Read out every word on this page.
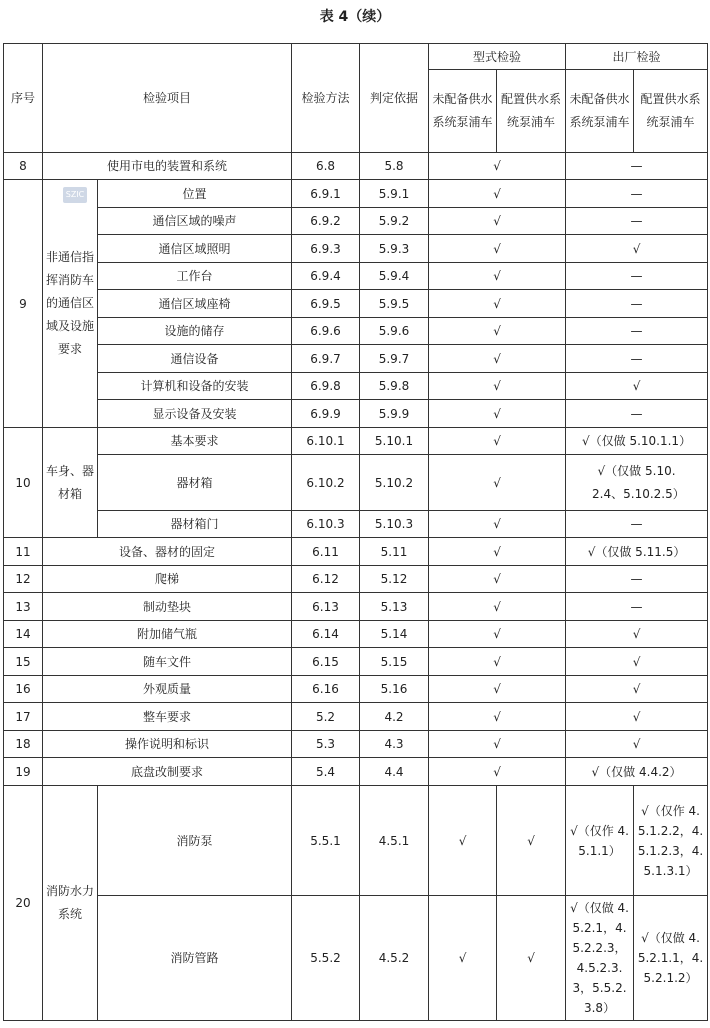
表 4（续）
序号	检验项目		检验方法	判定依据	型式检验		出厂检验	
					未配备供水系统泵浦车	配置供水系统泵浦车	未配备供水系统泵浦车	配置供水系统泵浦车
8	使用市电的装置和系统		6.8	5.8	√		—	
9	非通信指挥消防车的通信区域及设施要求	位置	6.9.1	5.9.1	√		—	
		通信区域的噪声	6.9.2	5.9.2	√		—	
		通信区域照明	6.9.3	5.9.3	√		√	
		工作台	6.9.4	5.9.4	√		—	
		通信区域座椅	6.9.5	5.9.5	√		—	
		设施的储存	6.9.6	5.9.6	√		—	
		通信设备	6.9.7	5.9.7	√		—	
		计算机和设备的安装	6.9.8	5.9.8	√		√	
		显示设备及安装	6.9.9	5.9.9	√		—	
10	车身、器材箱	基本要求	6.10.1	5.10.1	√		√（仅做 5.10.1.1）	
		器材箱	6.10.2	5.10.2	√		√（仅做 5.10.2.4、5.10.2.5）	
		器材箱门	6.10.3	5.10.3	√		—	
11	设备、器材的固定		6.11	5.11	√		√（仅做 5.11.5）	
12	爬梯		6.12	5.12	√		—	
13	制动垫块		6.13	5.13	√		—	
14	附加储气瓶		6.14	5.14	√		√	
15	随车文件		6.15	5.15	√		√	
16	外观质量		6.16	5.16	√		√	
17	整车要求		5.2	4.2	√		√	
18	操作说明和标识		5.3	4.3	√		√	
19	底盘改制要求		5.4	4.4	√		√（仅做 4.4.2）	
20	消防水力系统	消防泵	5.5.1	4.5.1	√	√	√（仅作 4.5.1.1）	√（仅作 4.5.1.2.2，4.5.1.2.3，4.5.1.3.1）
		消防管路	5.5.2	4.5.2	√	√	√（仅做 4.5.2.1，4.5.2.2.3，4.5.2.3.3，5.5.2.3.8）	√（仅做 4.5.2.1.1，4.5.2.1.2）
SZIC
